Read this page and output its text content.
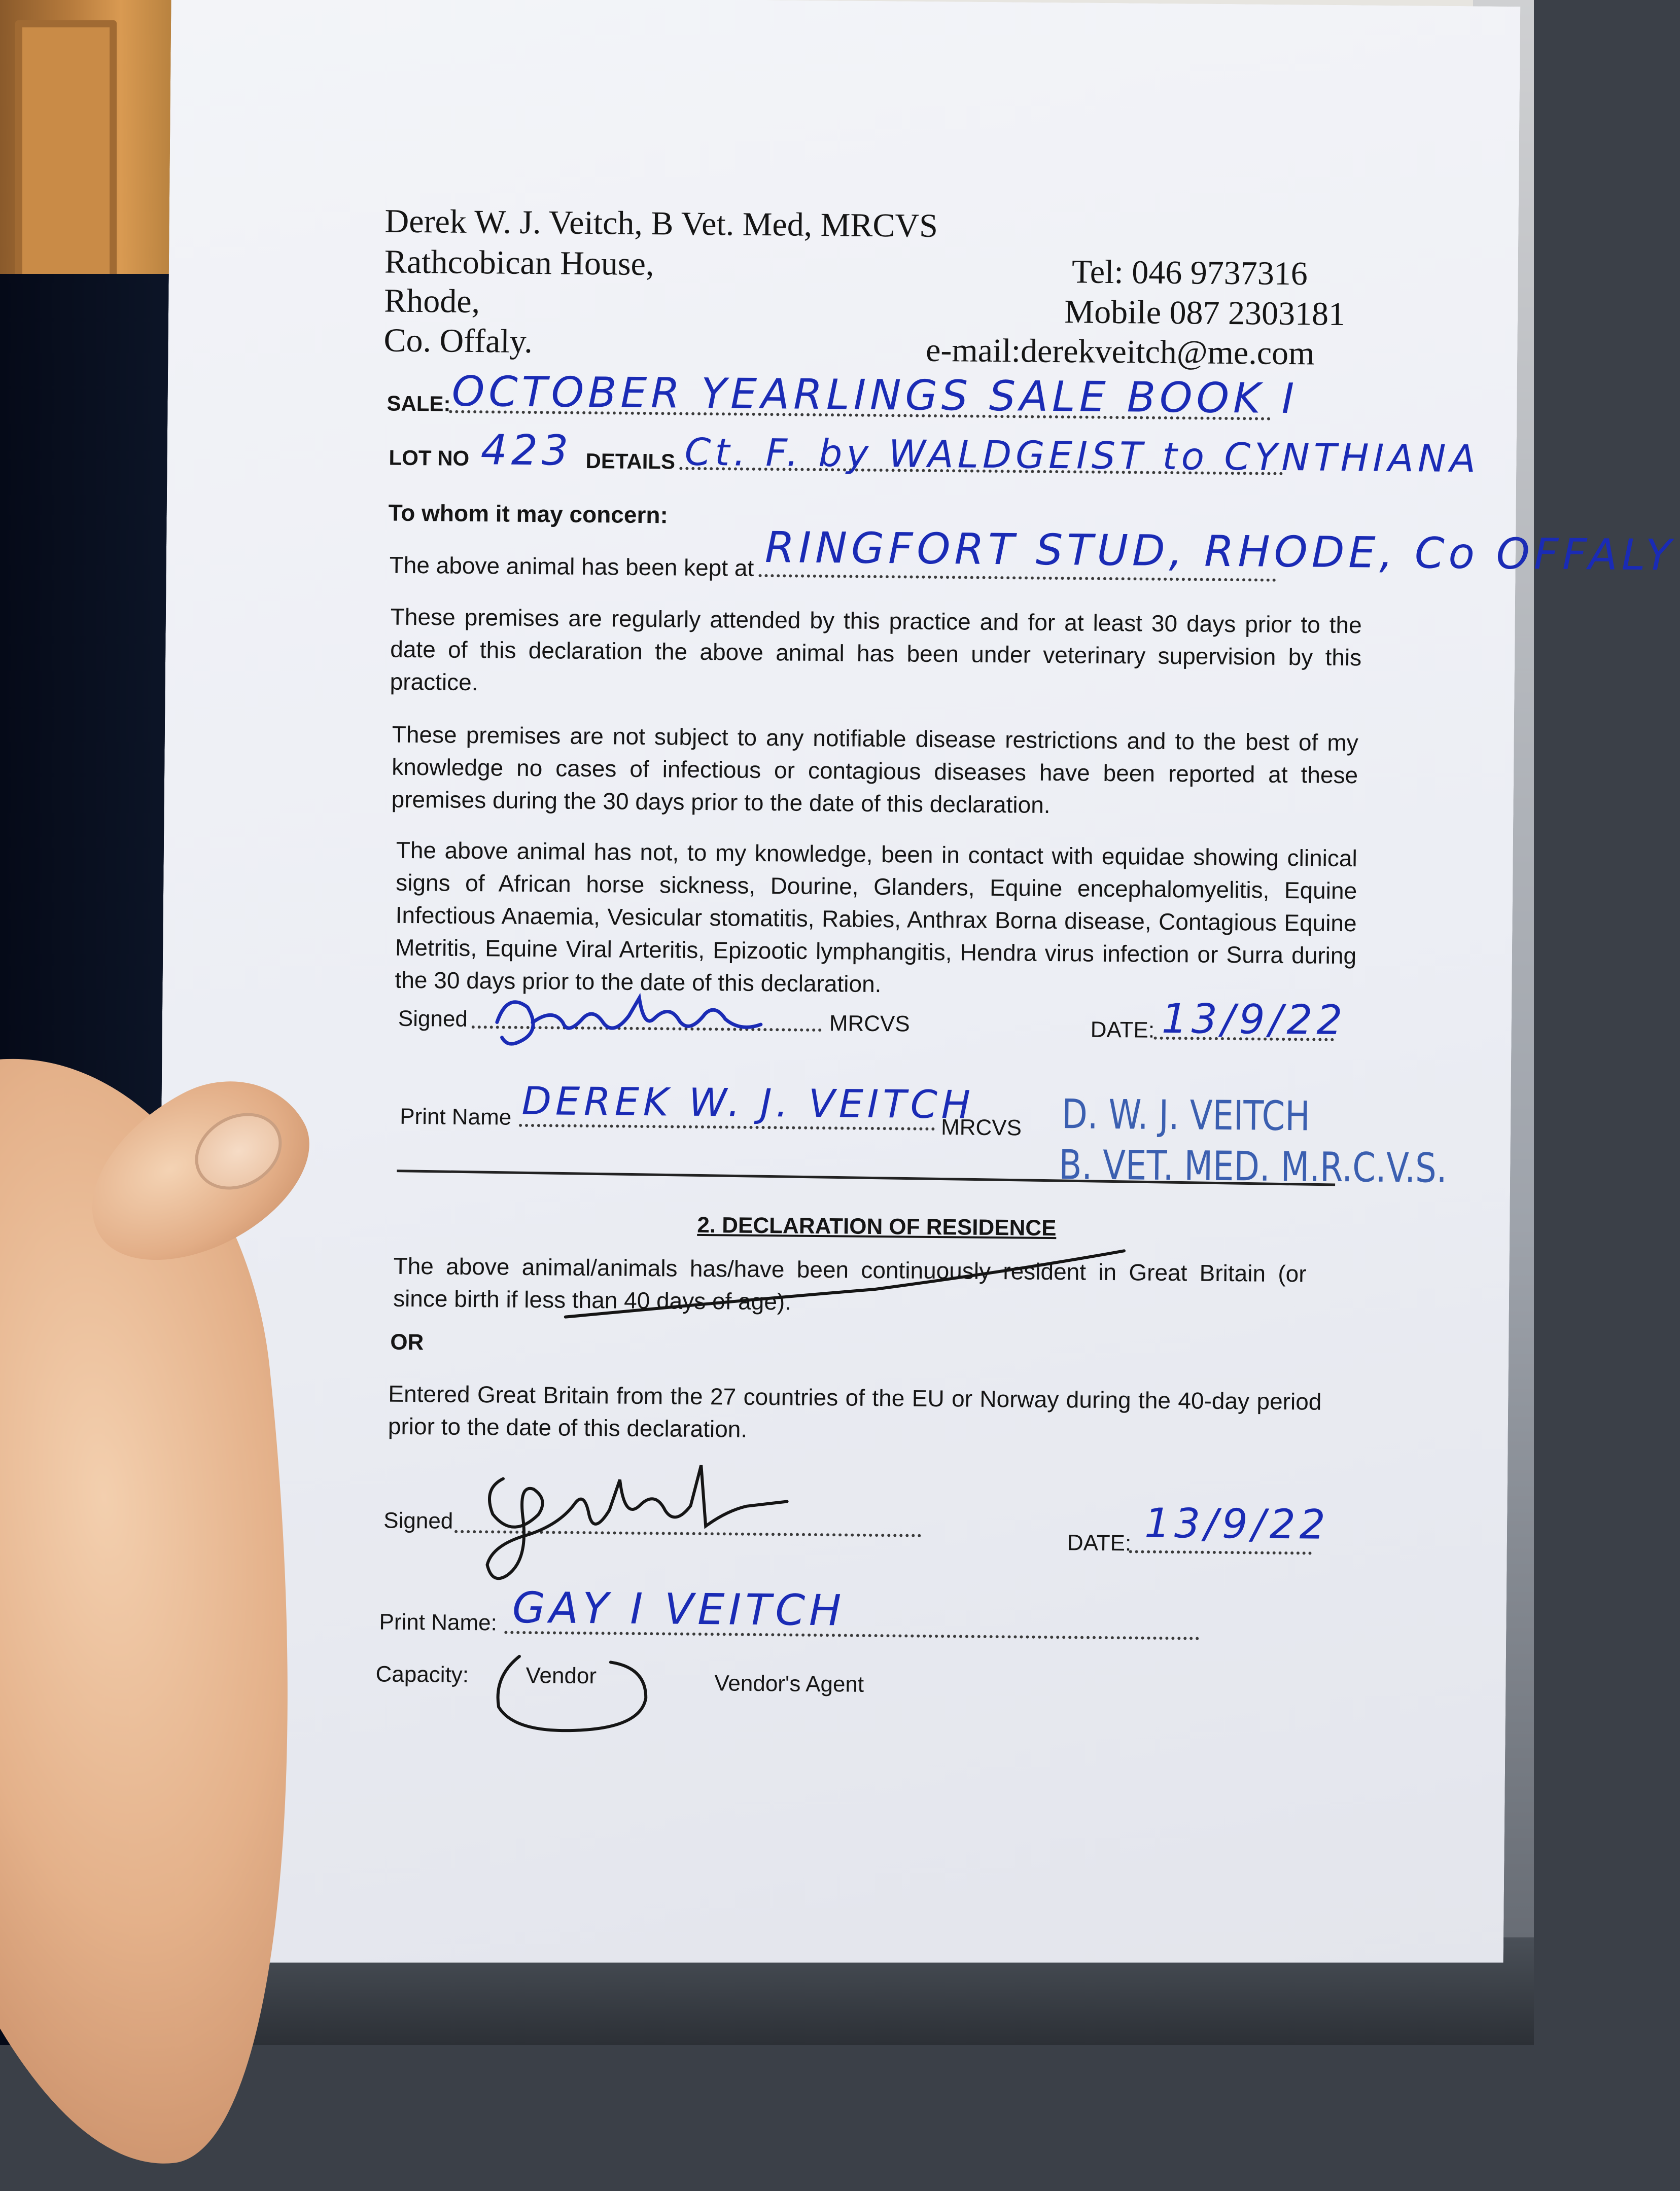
Derek W. J. Veitch, B Vet. Med, MRCVS
Rathcobican House,
Rhode,
Co. Offaly.
Tel: 046 9737316
Mobile 087 2303181
e-mail:derekveitch@me.com
SALE: OCTOBER YEARLINGS SALE BOOK I
LOT NO 423 DETAILS Ct. F. by WALDGEIST to CYNTHIANA
To whom it may concern:
The above animal has been kept at RINGFORT STUD, RHODE, Co OFFALY
These premises are regularly attended by this practice and for at least 30 days prior to the date of this declaration the above animal has been under veterinary supervision by this practice.
These premises are not subject to any notifiable disease restrictions and to the best of my knowledge no cases of infectious or contagious diseases have been reported at these premises during the 30 days prior to the date of this declaration.
The above animal has not, to my knowledge, been in contact with equidae showing clinical signs of African horse sickness, Dourine, Glanders, Equine encephalomyelitis, Equine Infectious Anaemia, Vesicular stomatitis, Rabies, Anthrax Borna disease, Contagious Equine Metritis, Equine Viral Arteritis, Epizootic lymphangitis, Hendra virus infection or Surra during the 30 days prior to the date of this declaration.
Signed	MRCVS	DATE: 13/9/22
Print Name DEREK W. J. VEITCH
MRCVS D. W. J. VEITCH
B. VET. MED. M.R.C.V.S.
2. DECLARATION OF RESIDENCE
The above animal/animals has/have been continuously resident in Great Britain (or since birth if less than 40 days of age).
OR
Entered Great Britain from the 27 countries of the EU or Norway during the 40-day period prior to the date of this declaration.
Signed
DATE: 13/9/22
Print Name: GAY I VEITCH
Capacity:	Vendor	Vendor's Agent
